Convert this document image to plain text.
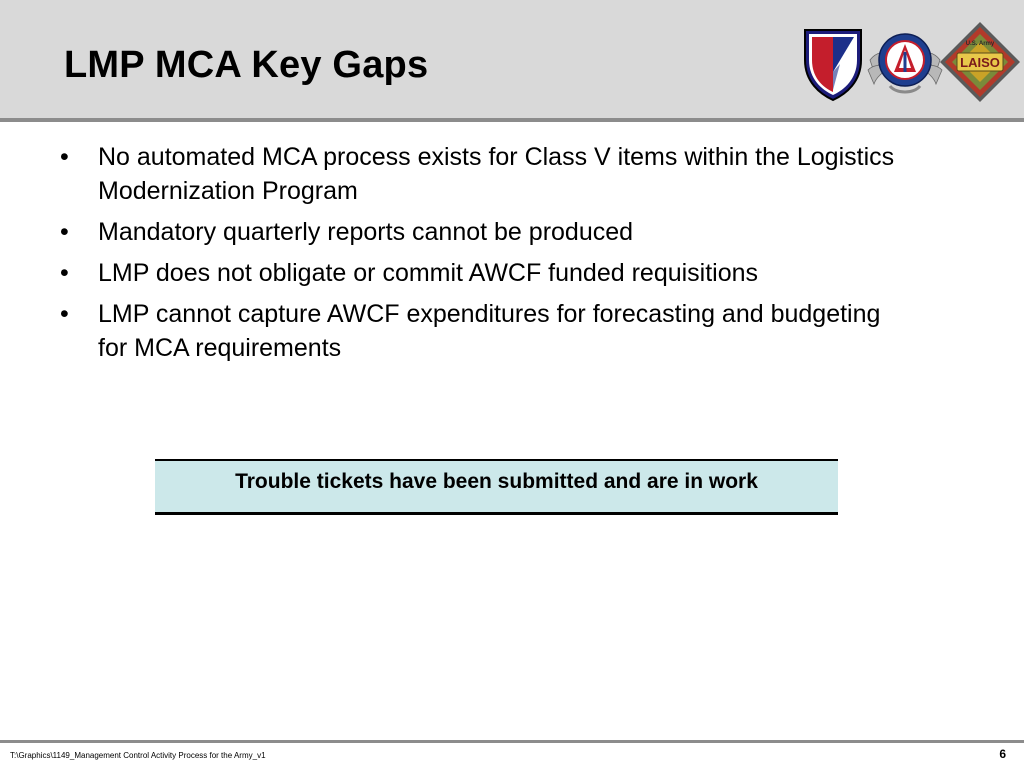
LMP MCA Key Gaps	LAISO
U.S. Army
•	No automated MCA process exists for Class V items within the Logistics Modernization Program
•	Mandatory quarterly reports cannot be produced
•	LMP does not obligate or commit AWCF funded requisitions
•	LMP cannot capture AWCF expenditures for forecasting and budgeting for MCA requirements
Trouble tickets have been submitted and are in work
T:\Graphics\1149_Management Control Activity Process for the Army_v1	6
